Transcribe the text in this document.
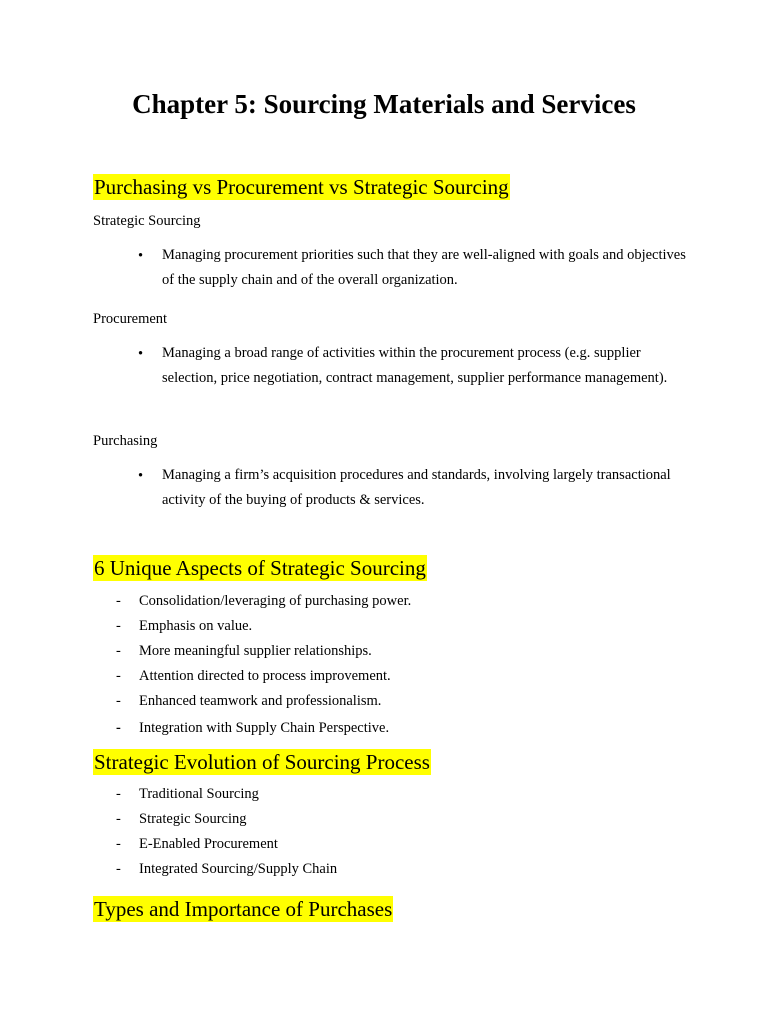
Chapter 5: Sourcing Materials and Services
Purchasing vs Procurement vs Strategic Sourcing
Strategic Sourcing
• Managing procurement priorities such that they are well-aligned with goals and objectives of the supply chain and of the overall organization.
Procurement
• Managing a broad range of activities within the procurement process (e.g. supplier selection, price negotiation, contract management, supplier performance management).
Purchasing
• Managing a firm’s acquisition procedures and standards, involving largely transactional activity of the buying of products & services.
6 Unique Aspects of Strategic Sourcing
- Consolidation/leveraging of purchasing power.
- Emphasis on value.
- More meaningful supplier relationships.
- Attention directed to process improvement.
- Enhanced teamwork and professionalism.
- Integration with Supply Chain Perspective.
Strategic Evolution of Sourcing Process
- Traditional Sourcing
- Strategic Sourcing
- E-Enabled Procurement
- Integrated Sourcing/Supply Chain
Types and Importance of Purchases
